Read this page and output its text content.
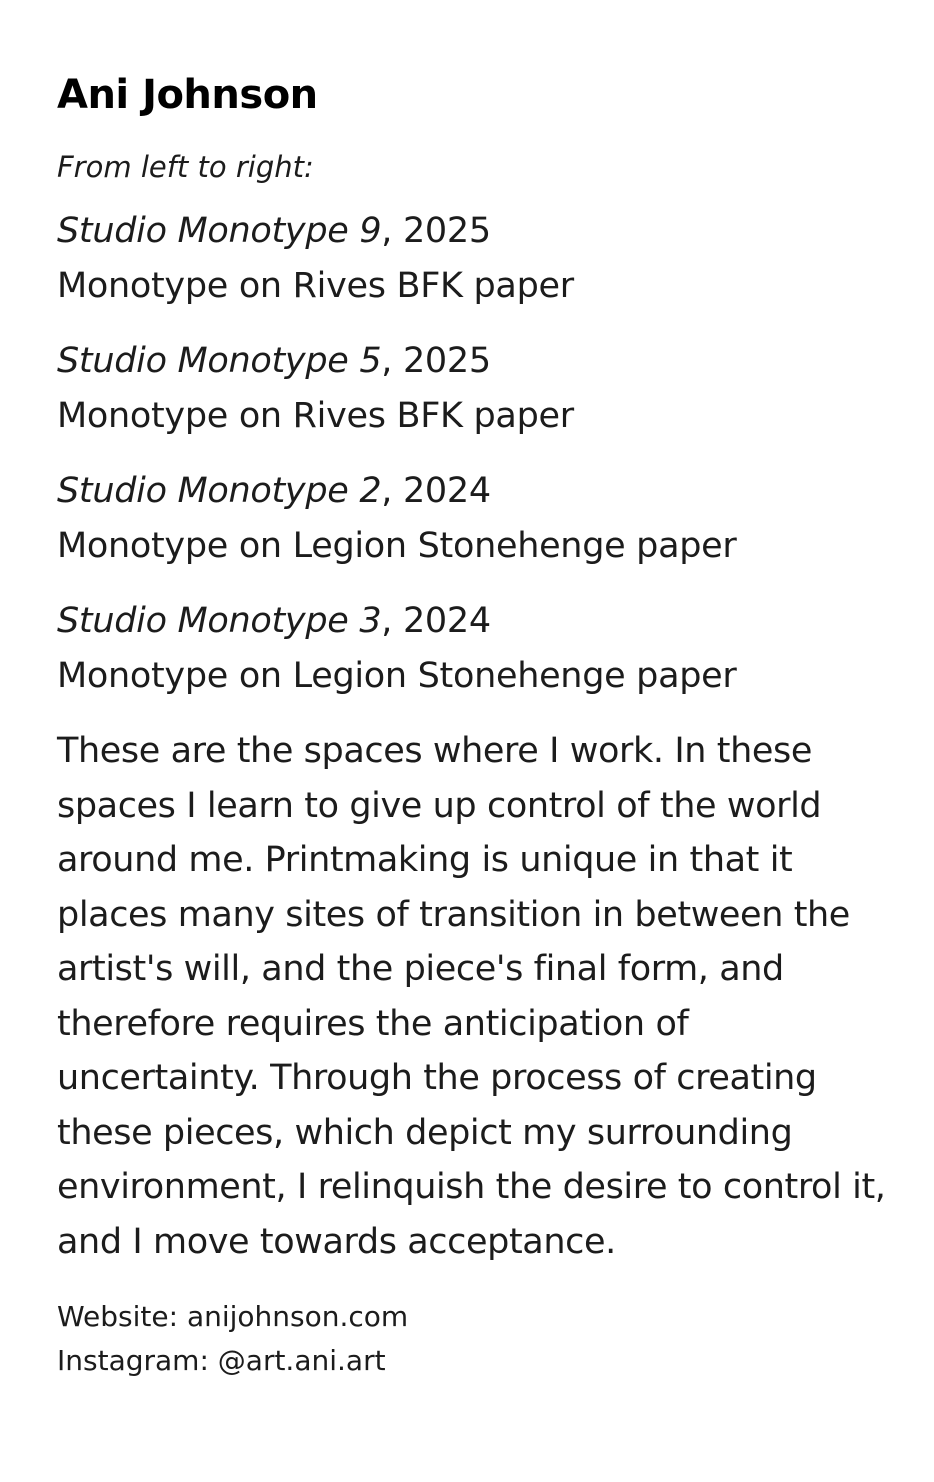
Ani Johnson

From left to right:

Studio Monotype 9, 2025
Monotype on Rives BFK paper
Studio Monotype 5, 2025
Monotype on Rives BFK paper
Studio Monotype 2, 2024
Monotype on Legion Stonehenge paper
Studio Monotype 3, 2024
Monotype on Legion Stonehenge paper

These are the spaces where I work. In these spaces I learn to give up control of the world around me. Printmaking is unique in that it places many sites of transition in between the artist's will, and the piece's final form, and therefore requires the anticipation of uncertainty. Through the process of creating these pieces, which depict my surrounding environment, I relinquish the desire to control it, and I move towards acceptance.

Website: anijohnson.com
Instagram: @art.ani.art
